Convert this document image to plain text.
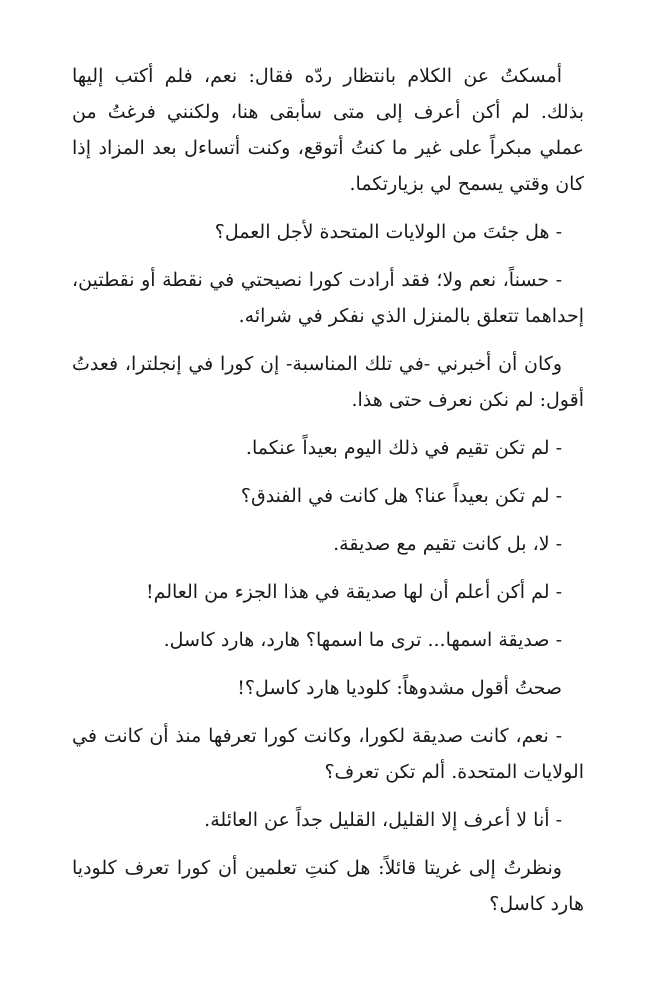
أمسكتُ عن الكلام بانتظار ردّه فقال: نعم، فلم أكتب إليها بذلك. لم أكن أعرف إلى متى سأبقى هنا، ولكنني فرغتُ من عملي مبكراً على غير ما كنتُ أتوقع، وكنت أتساءل بعد المزاد إذا كان وقتي يسمح لي بزيارتكما.

- هل جئتَ من الولايات المتحدة لأجل العمل؟

- حسناً، نعم ولا؛ فقد أرادت كورا نصيحتي في نقطة أو نقطتين، إحداهما تتعلق بالمنزل الذي نفكر في شرائه.

وكان أن أخبرني -في تلك المناسبة- إن كورا في إنجلترا، فعدتُ أقول: لم نكن نعرف حتى هذا.

- لم تكن تقيم في ذلك اليوم بعيداً عنكما.

- لم تكن بعيداً عنا؟ هل كانت في الفندق؟

- لا، بل كانت تقيم مع صديقة.

- لم أكن أعلم أن لها صديقة في هذا الجزء من العالم!

- صديقة اسمها... ترى ما اسمها؟ هارد، هارد كاسل.

صحتُ أقول مشدوهاً: كلوديا هارد كاسل؟!

- نعم، كانت صديقة لكورا، وكانت كورا تعرفها منذ أن كانت في الولايات المتحدة. ألم تكن تعرف؟

- أنا لا أعرف إلا القليل، القليل جداً عن العائلة.

ونظرتُ إلى غريتا قائلاً: هل كنتِ تعلمين أن كورا تعرف كلوديا هارد كاسل؟
